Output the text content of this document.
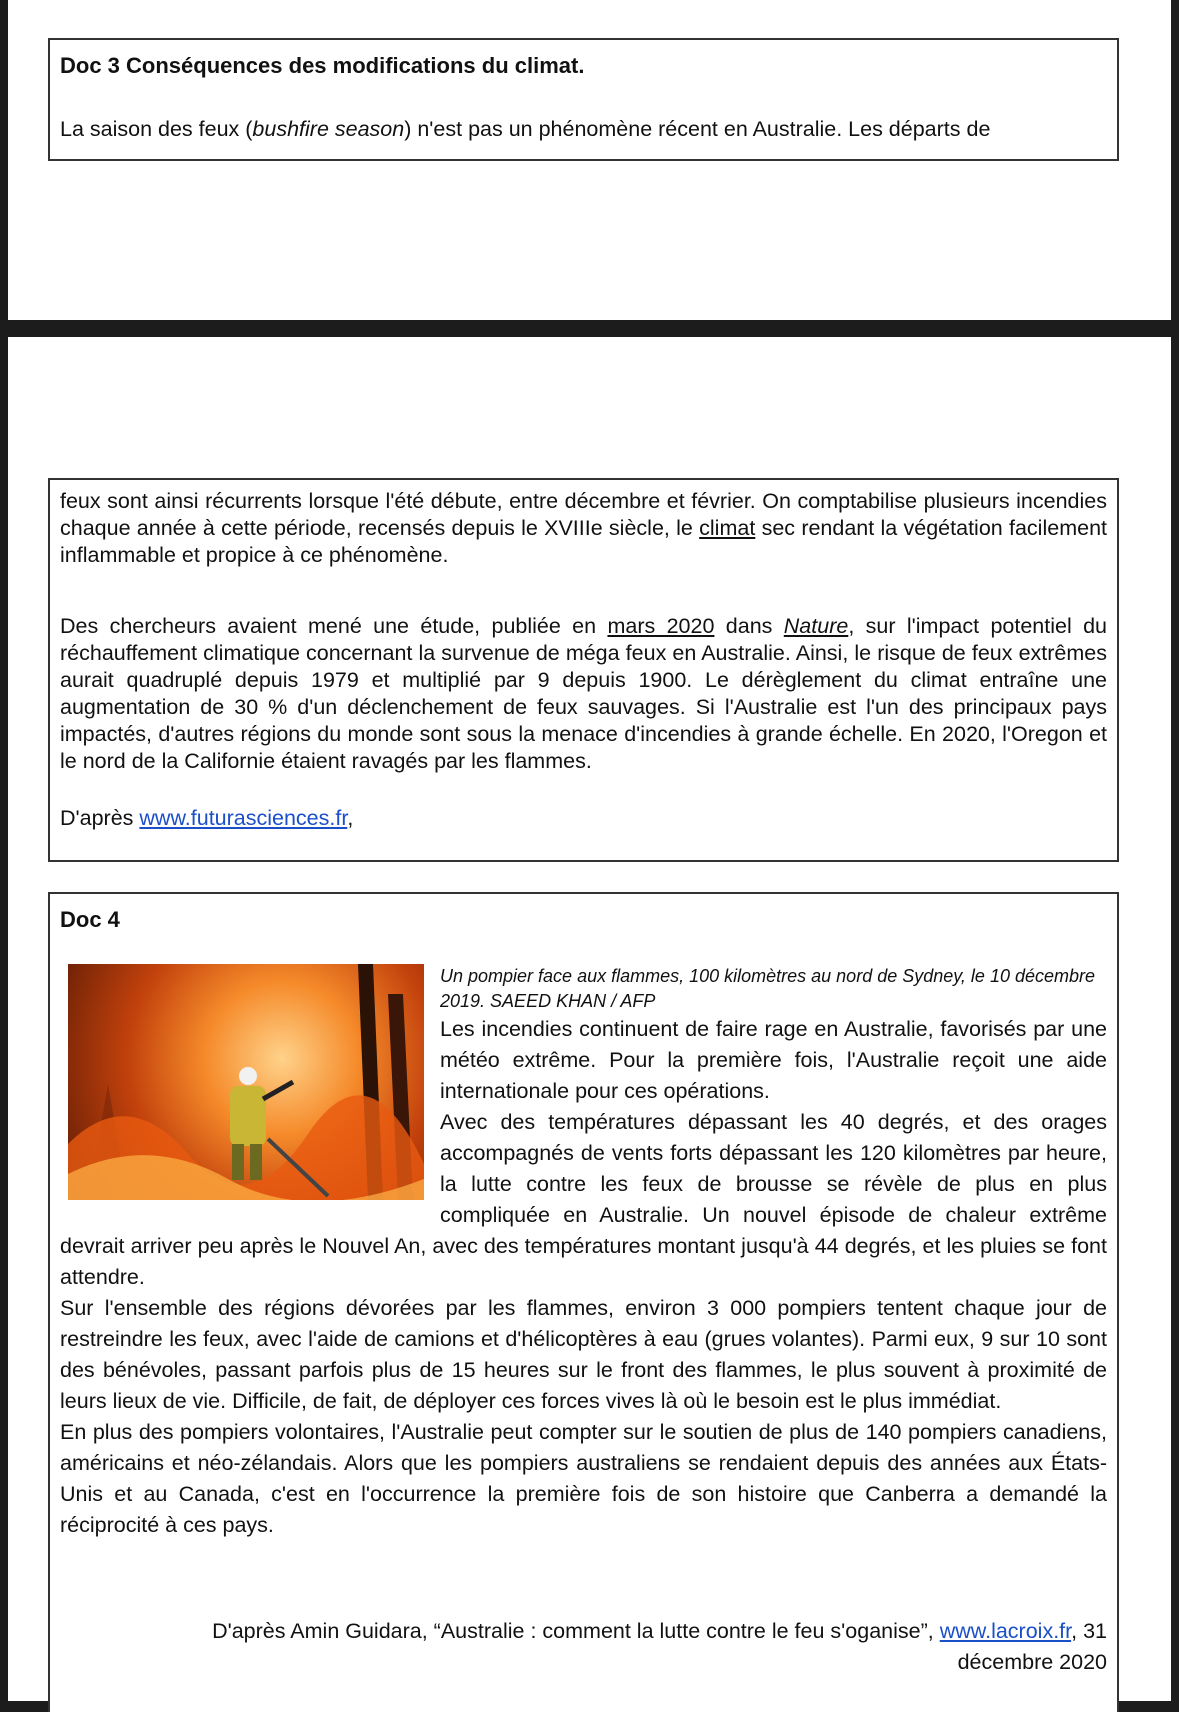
Doc 3 Conséquences des modifications du climat.

La saison des feux (bushfire season) n'est pas un phénomène récent en Australie. Les départs de

feux sont ainsi récurrents lorsque l'été débute, entre décembre et février. On comptabilise plusieurs incendies chaque année à cette période, recensés depuis le XVIIIe siècle, le climat sec rendant la végétation facilement inflammable et propice à ce phénomène.

Des chercheurs avaient mené une étude, publiée en mars 2020 dans Nature, sur l'impact potentiel du réchauffement climatique concernant la survenue de méga feux en Australie. Ainsi, le risque de feux extrêmes aurait quadruplé depuis 1979 et multiplié par 9 depuis 1900. Le dérèglement du climat entraîne une augmentation de 30 % d'un déclenchement de feux sauvages. Si l'Australie est l'un des principaux pays impactés, d'autres régions du monde sont sous la menace d'incendies à grande échelle. En 2020, l'Oregon et le nord de la Californie étaient ravagés par les flammes.

D'après www.futurasciences.fr,

Doc 4
Un pompier face aux flammes, 100 kilomètres au nord de Sydney, le 10 décembre 2019. SAEED KHAN / AFP

Les incendies continuent de faire rage en Australie, favorisés par une météo extrême. Pour la première fois, l'Australie reçoit une aide internationale pour ces opérations.

Avec des températures dépassant les 40 degrés, et des orages accompagnés de vents forts dépassant les 120 kilomètres par heure, la lutte contre les feux de brousse se révèle de plus en plus compliquée en Australie. Un nouvel épisode de chaleur extrême devrait arriver peu après le Nouvel An, avec des températures montant jusqu'à 44 degrés, et les pluies se font attendre.

Sur l'ensemble des régions dévorées par les flammes, environ 3 000 pompiers tentent chaque jour de restreindre les feux, avec l'aide de camions et d'hélicoptères à eau (grues volantes). Parmi eux, 9 sur 10 sont des bénévoles, passant parfois plus de 15 heures sur le front des flammes, le plus souvent à proximité de leurs lieux de vie. Difficile, de fait, de déployer ces forces vives là où le besoin est le plus immédiat.

En plus des pompiers volontaires, l'Australie peut compter sur le soutien de plus de 140 pompiers canadiens, américains et néo-zélandais. Alors que les pompiers australiens se rendaient depuis des années aux États-Unis et au Canada, c'est en l'occurrence la première fois de son histoire que Canberra a demandé la réciprocité à ces pays.

D'après Amin Guidara, “Australie : comment la lutte contre le feu s'oganise”, www.lacroix.fr, 31 décembre 2020
